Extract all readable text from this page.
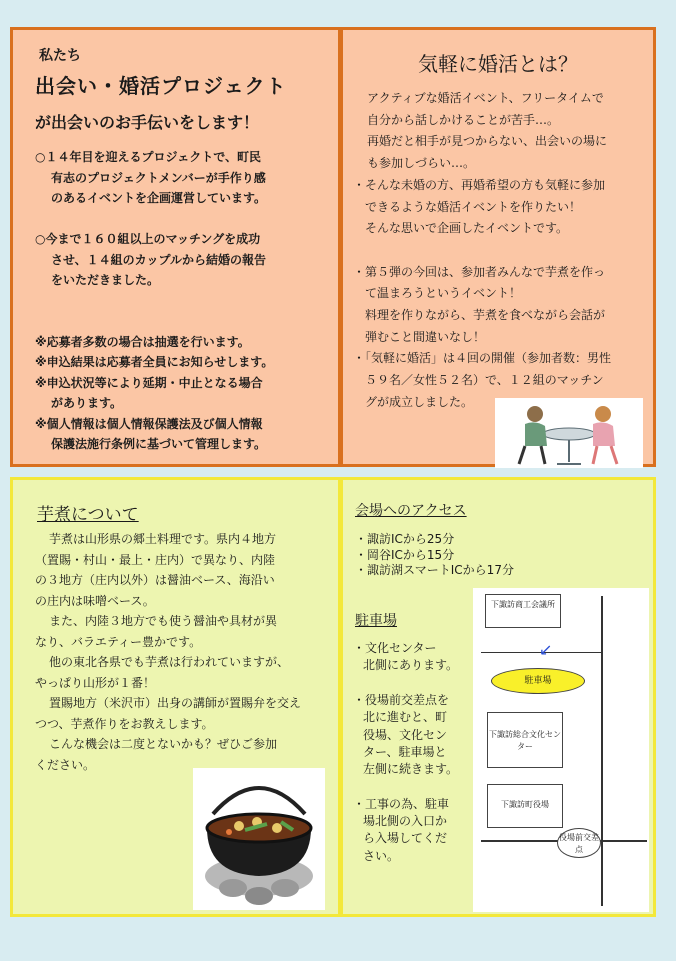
私たち
出会い・婚活プロジェクト
が出会いのお手伝いをします！
○１４年目を迎えるプロジェクトで、町民
有志のプロジェクトメンバーが手作り感
のあるイベントを企画運営しています。
○今まで１６０組以上のマッチングを成功
させ、１４組のカップルから結婚の報告
をいただきました。
※応募者多数の場合は抽選を行います。
※申込結果は応募者全員にお知らせします。
※申込状況等により延期・中止となる場合
があります。
※個人情報は個人情報保護法及び個人情報
保護法施行条例に基づいて管理します。
気軽に婚活とは？
アクティブな婚活イベント、フリータイムで
自分から話しかけることが苦手…。
再婚だと相手が見つからない、出会いの場に
も参加しづらい…。
・そんな未婚の方、再婚希望の方も気軽に参加
できるような婚活イベントを作りたい！
そんな思いで企画したイベントです。
・第５弾の今回は、参加者みんなで芋煮を作っ
て温まろうというイベント！
料理を作りながら、芋煮を食べながら会話が
弾むこと間違いなし！
・「気軽に婚活」は４回の開催（参加者数：男性
５９名／女性５２名）で、１２組のマッチン
グが成立しました。
芋煮について
芋煮は山形県の郷土料理です。県内４地方
（置賜・村山・最上・庄内）で異なり、内陸
の３地方（庄内以外）は醤油ベース、海沿い
の庄内は味噌ベース。
また、内陸３地方でも使う醤油や具材が異
なり、バラエティー豊かです。
他の東北各県でも芋煮は行われていますが、
やっぱり山形が１番！
置賜地方（米沢市）出身の講師が置賜弁を交え
つつ、芋煮作りをお教えします。
こんな機会は二度とないかも？ぜひご参加
ください。
会場へのアクセス
・諏訪ICから25分
・岡谷ICから15分
・諏訪湖スマートICから17分
駐車場
・文化センター
北側にあります。
・役場前交差点を
北に進むと、町
役場、文化セン
ター、駐車場と
左側に続きます。
・工事の為、駐車
場北側の入口か
ら入場してくだ
さい。
下諏訪商工会議所
↙
駐車場
下諏訪総合文化センター
下諏訪町役場
役場前交差点
